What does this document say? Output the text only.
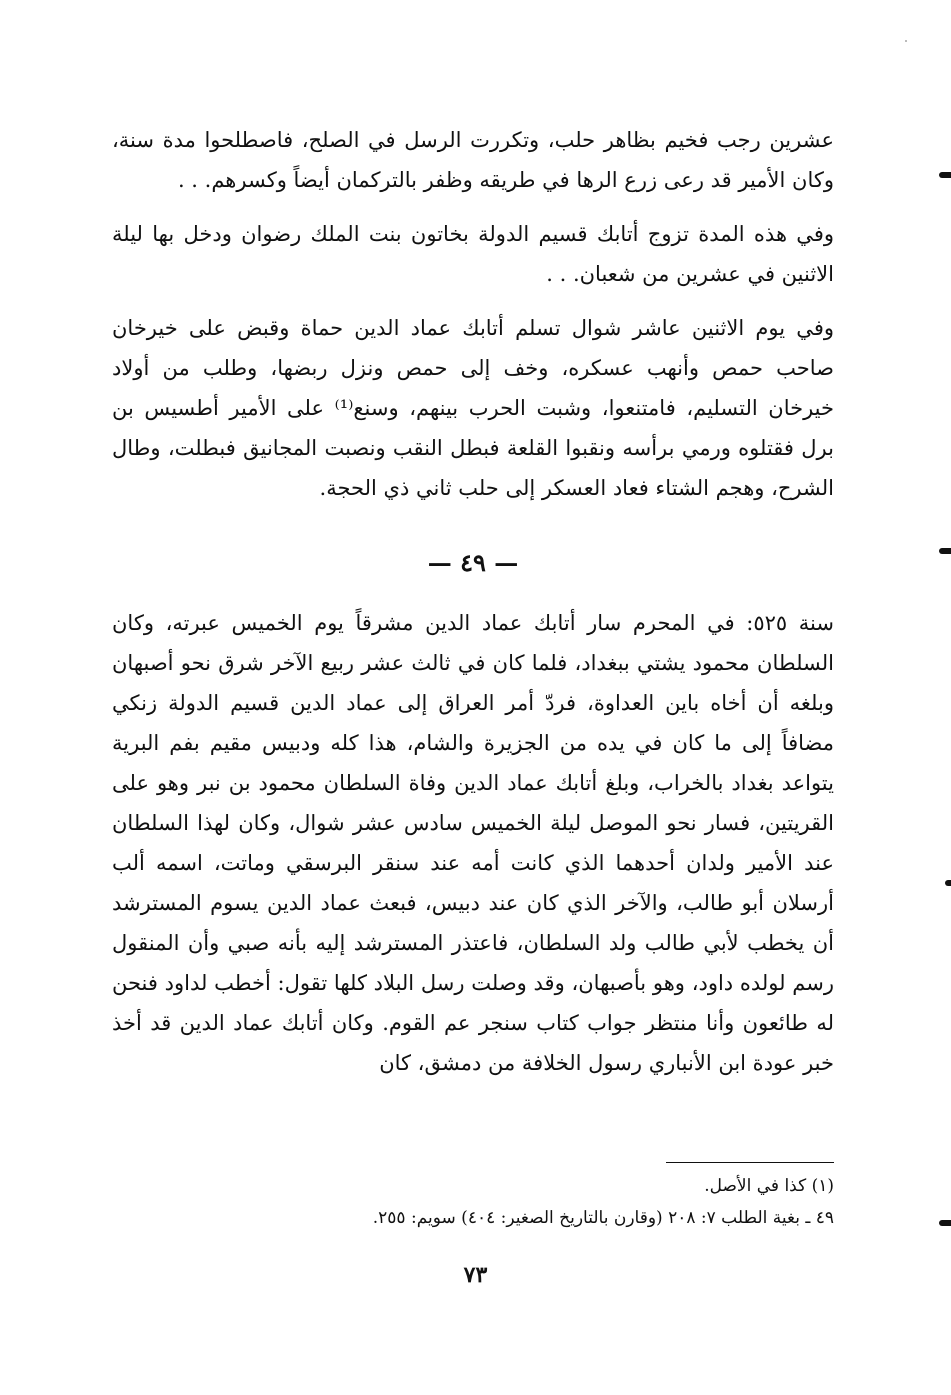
عشرين رجب فخيم بظاهر حلب، وتكررت الرسل في الصلح، فاصطلحوا مدة سنة، وكان الأمير قد رعى زرع الرها في طريقه وظفر بالتركمان أيضاً وكسرهم. . .

وفي هذه المدة تزوج أتابك قسيم الدولة بخاتون بنت الملك رضوان ودخل بها ليلة الاثنين في عشرين من شعبان. . .

وفي يوم الاثنين عاشر شوال تسلم أتابك عماد الدين حماة وقبض على خيرخان صاحب حمص وأنهب عسكره، وخف إلى حمص ونزل ربضها، وطلب من أولاد خيرخان التسليم، فامتنعوا، وشبت الحرب بينهم، وسنع⁽¹⁾ على الأمير أطسيس بن برل فقتلوه ورمي برأسه ونقبوا القلعة فبطل النقب ونصبت المجانيق فبطلت، وطال الشرح، وهجم الشتاء فعاد العسكر إلى حلب ثاني ذي الحجة.

— ٤٩ —

سنة ٥٢٥: في المحرم سار أتابك عماد الدين مشرقاً يوم الخميس عبرته، وكان السلطان محمود يشتي ببغداد، فلما كان في ثالث عشر ربيع الآخر شرق نحو أصبهان وبلغه أن أخاه باين العداوة، فردّ أمر العراق إلى عماد الدين قسيم الدولة زنكي مضافاً إلى ما كان في يده من الجزيرة والشام، هذا كله ودبيس مقيم بفم البرية يتواعد بغداد بالخراب، وبلغ أتابك عماد الدين وفاة السلطان محمود بن نبر وهو على القريتين، فسار نحو الموصل ليلة الخميس سادس عشر شوال، وكان لهذا السلطان عند الأمير ولدان أحدهما الذي كانت أمه عند سنقر البرسقي وماتت، اسمه ألب أرسلان أبو طالب، والآخر الذي كان عند دبيس، فبعث عماد الدين يسوم المسترشد أن يخطب لأبي طالب ولد السلطان، فاعتذر المسترشد إليه بأنه صبي وأن المنقول رسم لولده داود، وهو بأصبهان، وقد وصلت رسل البلاد كلها تقول: أخطب لداود فنحن له طائعون وأنا منتظر جواب كتاب سنجر عم القوم. وكان أتابك عماد الدين قد أخذ خبر عودة ابن الأنباري رسول الخلافة من دمشق، كان

(١) كذا في الأصل.

٤٩ ـ بغية الطلب ٧: ٢٠٨ (وقارن بالتاريخ الصغير: ٤٠٤) سويم: ٢٥٥.

٧٣
